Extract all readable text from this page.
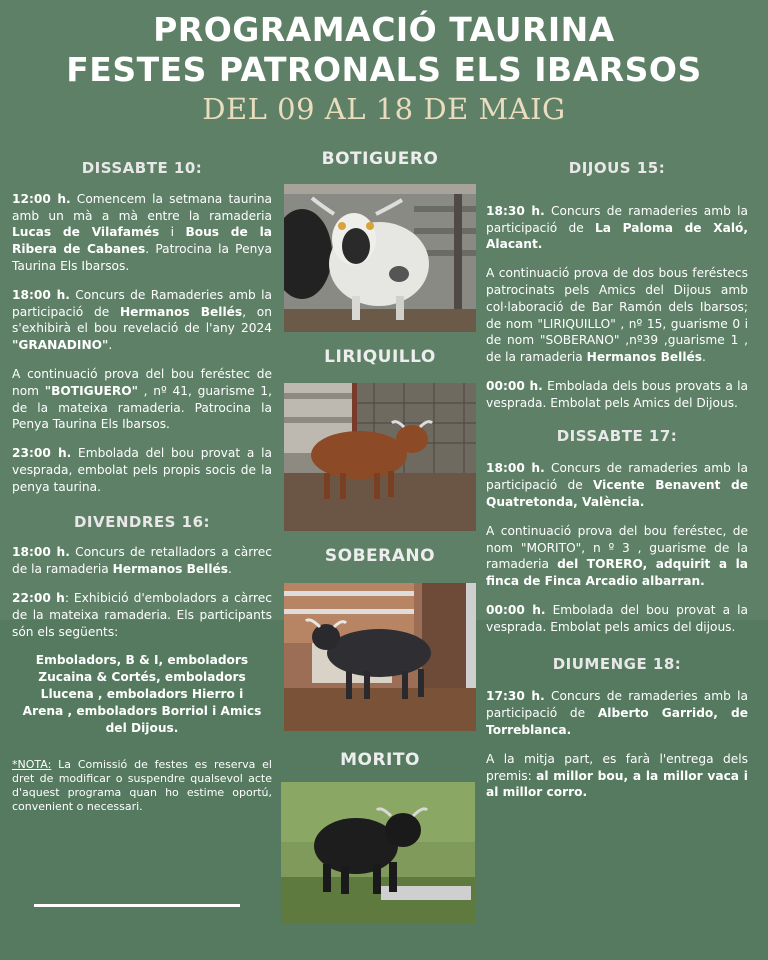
PROGRAMACIÓ TAURINA
FESTES PATRONALS ELS IBARSOS
DEL 09 AL 18 DE MAIG
DISSABTE 10:

12:00 h. Comencem la setmana taurina amb un mà a mà entre la ramaderia Lucas de Vilafamés i Bous de la Ribera de Cabanes. Patrocina la Penya Taurina Els Ibarsos.

18:00 h. Concurs de Ramaderies amb la participació de Hermanos Bellés, on s'exhibirà el bou revelació de l'any 2024 "GRANADINO".

A continuació prova del bou feréstec de nom "BOTIGUERO" , nº 41, guarisme 1, de la mateixa ramaderia. Patrocina la Penya Taurina Els Ibarsos.

23:00 h. Embolada del bou provat a la vesprada, embolat pels propis socis de la penya taurina.

DIVENDRES 16:

18:00 h. Concurs de retalladors a càrrec de la ramaderia Hermanos Bellés.

22:00 h: Exhibició d'emboladors a càrrec de la mateixa ramaderia. Els participants són els següents:

Emboladors, B & I, emboladors Zucaina & Cortés, emboladors Llucena , emboladors Hierro i Arena , emboladors Borriol i Amics del Dijous.

*NOTA: La Comissió de festes es reserva el dret de modificar o suspendre qualsevol acte d'aquest programa quan ho estime oportú, convenient o necessari.

BOTIGUERO
LIRIQUILLO
SOBERANO
MORITO
DIJOUS 15:

18:30 h. Concurs de ramaderies amb la participació de La Paloma de Xaló, Alacant.

A continuació prova de dos bous feréstecs patrocinats pels Amics del Dijous amb col·laboració de Bar Ramón dels Ibarsos; de nom "LIRIQUILLO" , nº 15, guarisme 0 i de nom "SOBERANO" ,nº39 ,guarisme 1 , de la ramaderia Hermanos Bellés.

00:00 h. Embolada dels bous provats a la vesprada. Embolat pels Amics del Dijous.

DISSABTE 17:

18:00 h. Concurs de ramaderies amb la participació de Vicente Benavent de Quatretonda, València.

A continuació prova del bou feréstec, de nom "MORITO", n º 3 , guarisme de la ramaderia del TORERO, adquirit a la finca de Finca Arcadio albarran.

00:00 h. Embolada del bou provat a la vesprada. Embolat pels amics del dijous.

DIUMENGE 18:

17:30 h. Concurs de ramaderies amb la participació de Alberto Garrido, de Torreblanca.

A la mitja part, es farà l'entrega dels premis: al millor bou, a la millor vaca i al millor corro.
